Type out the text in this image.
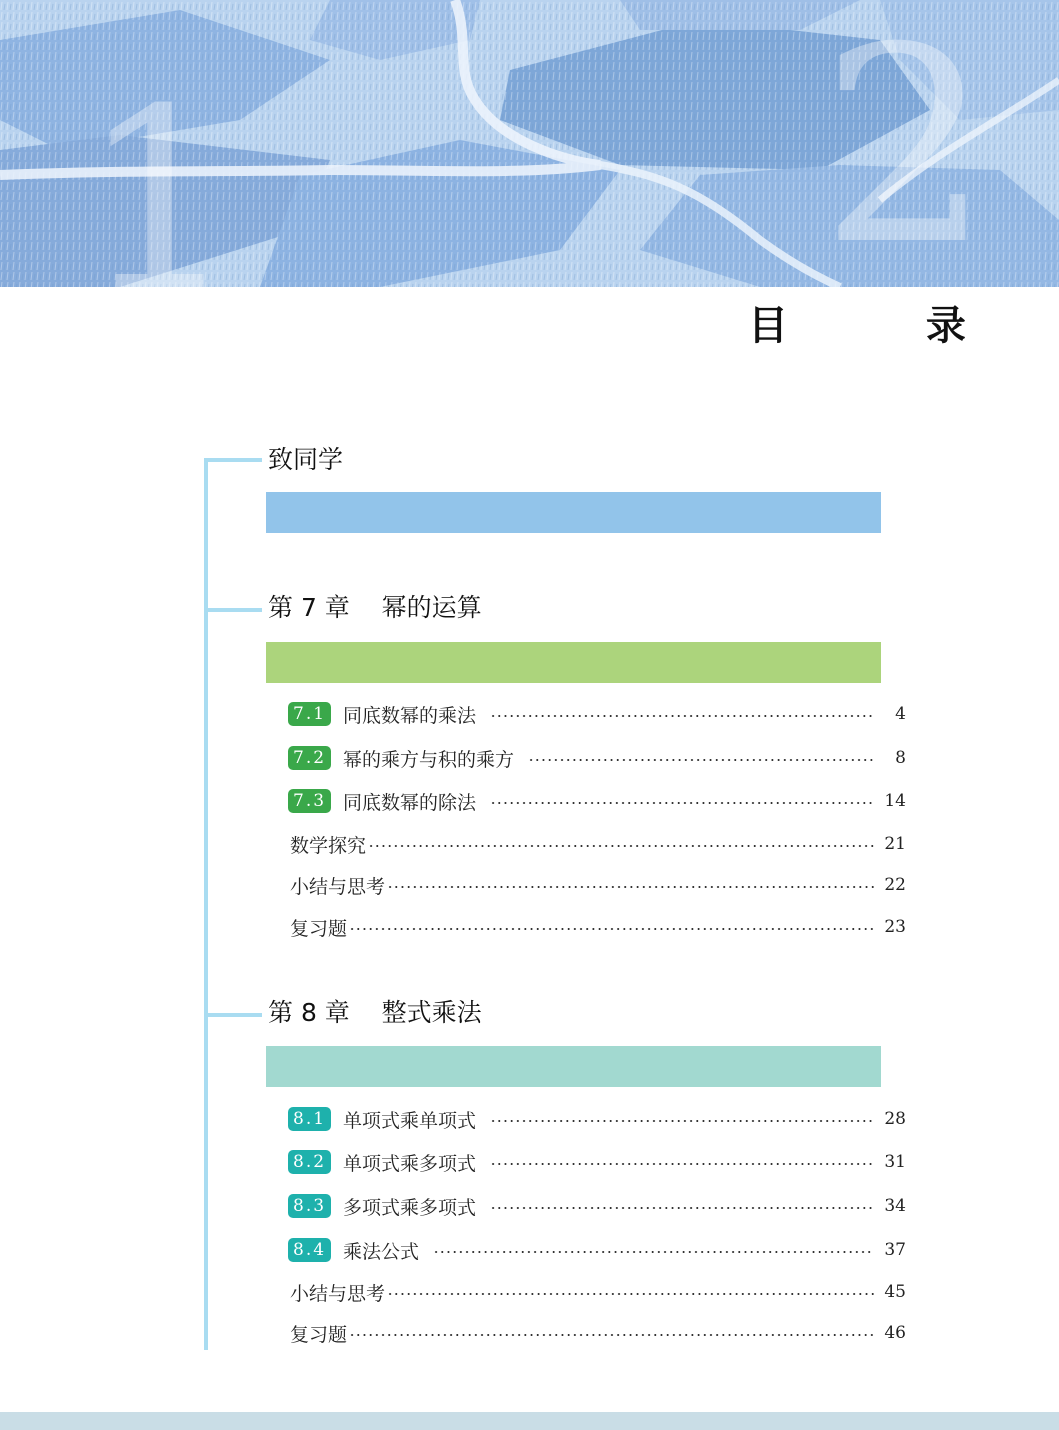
1 2
目 录
致同学
第 7 章    幂的运算
7.1 同底数幂的乘法	4
7.2 幂的乘方与积的乘方	8
7.3 同底数幂的除法	14
数学探究	21
小结与思考	22
复习题	23
第 8 章    整式乘法
8.1 单项式乘单项式	28
8.2 单项式乘多项式	31
8.3 多项式乘多项式	34
8.4 乘法公式	37
小结与思考	45
复习题	46
